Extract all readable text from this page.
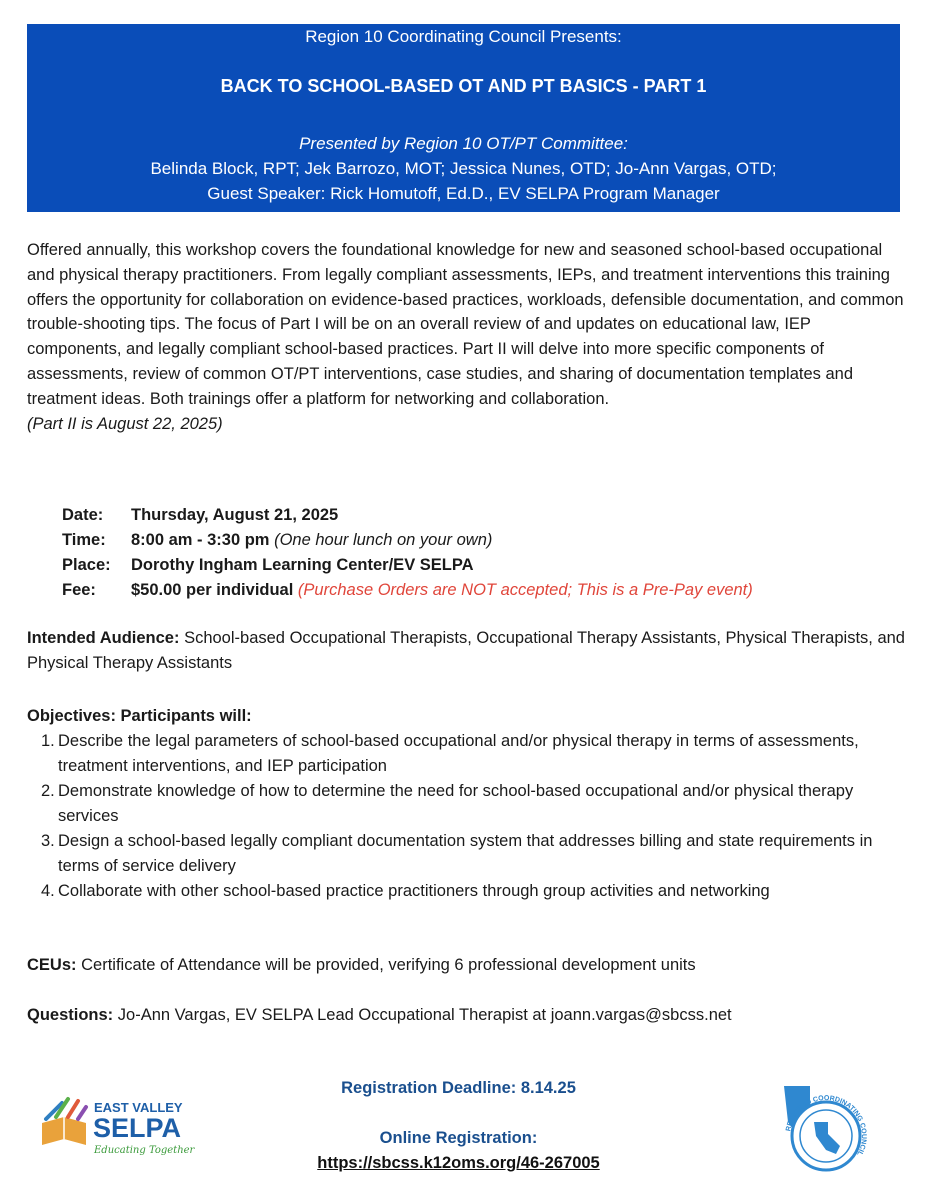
Region 10 Coordinating Council Presents:
BACK TO SCHOOL-BASED OT AND PT BASICS - PART 1
Presented by Region 10 OT/PT Committee:
Belinda Block, RPT; Jek Barrozo, MOT; Jessica Nunes, OTD; Jo-Ann Vargas, OTD;
Guest Speaker: Rick Homutoff, Ed.D., EV SELPA Program Manager

Offered annually, this workshop covers the foundational knowledge for new and seasoned school-based occupational and physical therapy practitioners. From legally compliant assessments, IEPs, and treatment interventions this training offers the opportunity for collaboration on evidence-based practices, workloads, defensible documentation, and common trouble-shooting tips. The focus of Part I will be on an overall review of and updates on educational law, IEP components, and legally compliant school-based practices. Part II will delve into more specific components of assessments, review of common OT/PT interventions, case studies, and sharing of documentation templates and treatment ideas. Both trainings offer a platform for networking and collaboration.
(Part II is August 22, 2025)

Date: Thursday, August 21, 2025
Time: 8:00 am - 3:30 pm (One hour lunch on your own)
Place: Dorothy Ingham Learning Center/EV SELPA
Fee: $50.00 per individual (Purchase Orders are NOT accepted; This is a Pre-Pay event)

Intended Audience: School-based Occupational Therapists, Occupational Therapy Assistants, Physical Therapists, and Physical Therapy Assistants

Objectives: Participants will:

1. Describe the legal parameters of school-based occupational and/or physical therapy in terms of assessments, treatment interventions, and IEP participation
2. Demonstrate knowledge of how to determine the need for school-based occupational and/or physical therapy services
3. Design a school-based legally compliant documentation system that addresses billing and state requirements in terms of service delivery
4. Collaborate with other school-based practice practitioners through group activities and networking

CEUs: Certificate of Attendance will be provided, verifying 6 professional development units

Questions: Jo-Ann Vargas, EV SELPA Lead Occupational Therapist at joann.vargas@sbcss.net

EAST VALLEY
SELPA
Educating Together
Registration Deadline: 8.14.25
Online Registration:
https://sbcss.k12oms.org/46-267005
REGION 10 COORDINATING COUNCIL
